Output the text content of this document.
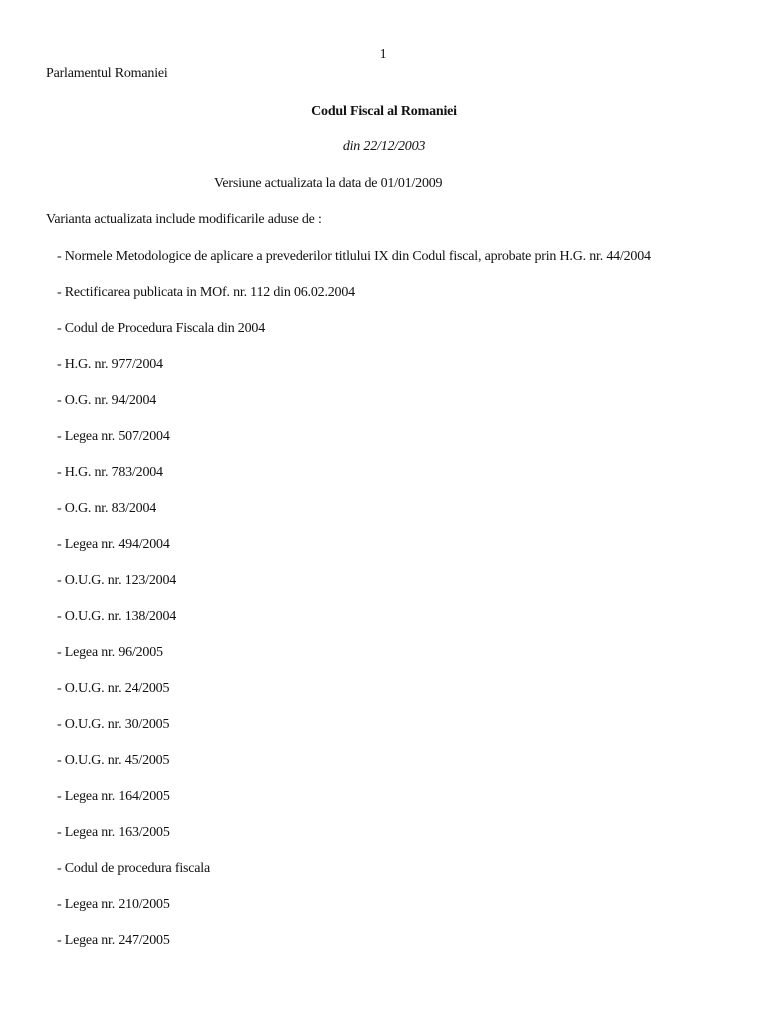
1
Parlamentul Romaniei
Codul Fiscal al Romaniei
din 22/12/2003
Versiune actualizata la data de 01/01/2009
Varianta actualizata include modificarile aduse de :
- Normele Metodologice de aplicare a prevederilor titlului IX din Codul fiscal, aprobate prin H.G. nr. 44/2004
- Rectificarea publicata in MOf. nr. 112 din 06.02.2004
- Codul de Procedura Fiscala din 2004
- H.G. nr. 977/2004
- O.G. nr. 94/2004
- Legea nr. 507/2004
- H.G. nr. 783/2004
- O.G. nr. 83/2004
- Legea nr. 494/2004
- O.U.G. nr. 123/2004
- O.U.G. nr. 138/2004
- Legea nr. 96/2005
- O.U.G. nr. 24/2005
- O.U.G. nr. 30/2005
- O.U.G. nr. 45/2005
- Legea nr. 164/2005
- Legea nr. 163/2005
- Codul de procedura fiscala
- Legea nr. 210/2005
- Legea nr. 247/2005
